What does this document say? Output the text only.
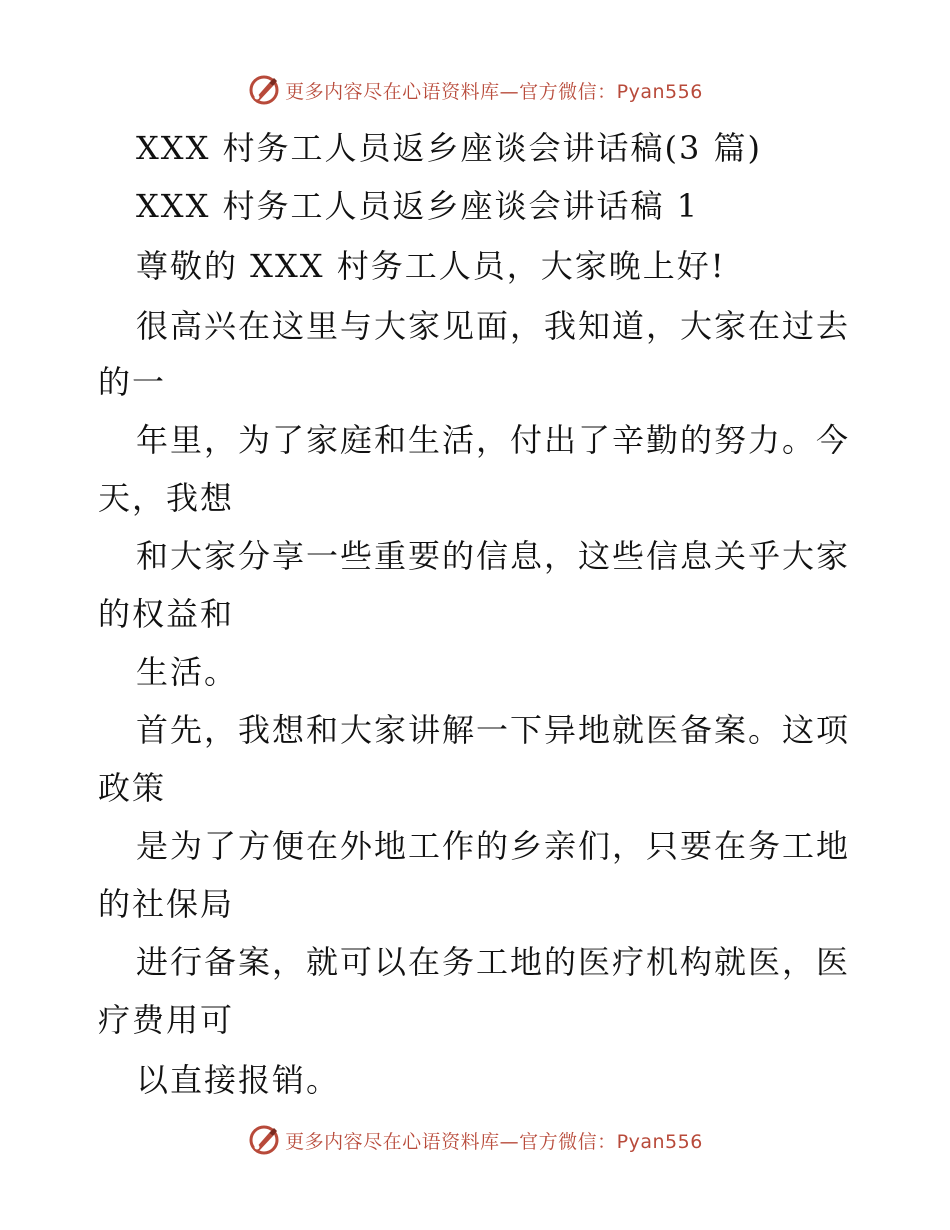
更多内容尽在心语资料库—官方微信：Pyan556
XXX 村务工人员返乡座谈会讲话稿(3 篇)
XXX 村务工人员返乡座谈会讲话稿 1
尊敬的 XXX 村务工人员，大家晚上好!
很高兴在这里与大家见面，我知道，大家在过去
的一
年里，为了家庭和生活，付出了辛勤的努力。今
天，我想
和大家分享一些重要的信息，这些信息关乎大家
的权益和
生活。
首先，我想和大家讲解一下异地就医备案。这项
政策
是为了方便在外地工作的乡亲们，只要在务工地
的社保局
进行备案，就可以在务工地的医疗机构就医，医
疗费用可
以直接报销。
更多内容尽在心语资料库—官方微信：Pyan556
